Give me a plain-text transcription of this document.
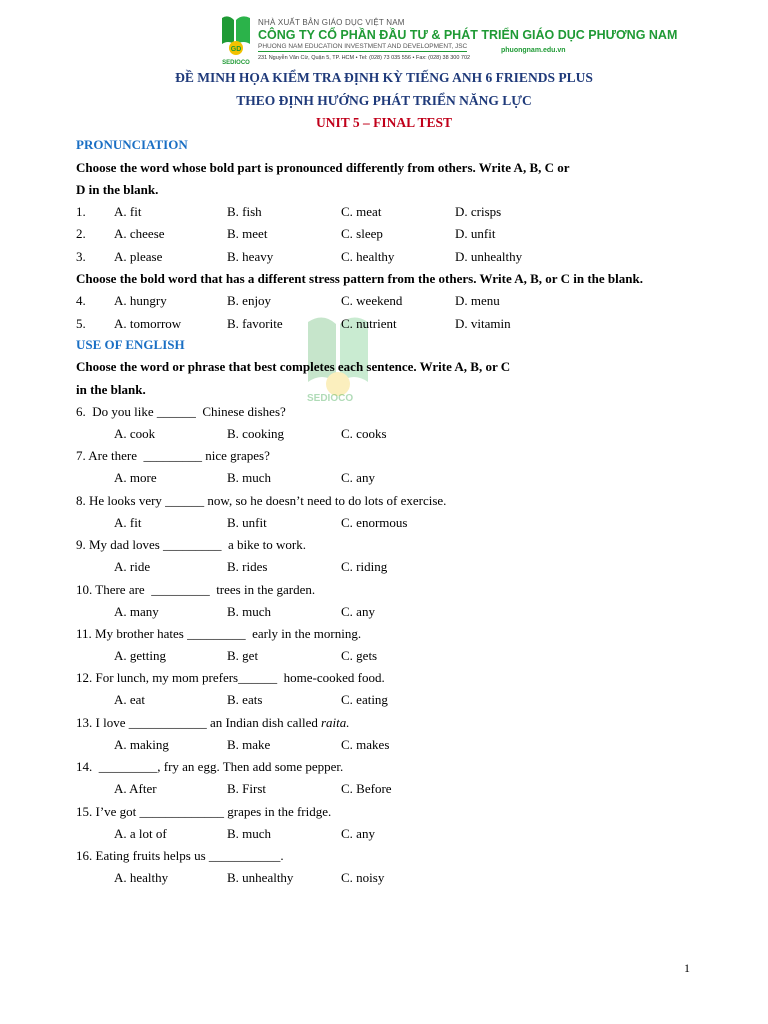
GD
SEDIOCO
NHÀ XUẤT BẢN GIÁO DỤC VIỆT NAM
CÔNG TY CỔ PHẦN ĐẦU TƯ & PHÁT TRIỂN GIÁO DỤC PHƯƠNG NAM
PHUONG NAM EDUCATION INVESTMENT AND DEVELOPMENT, JSC
231 Nguyễn Văn Cừ, Quận 5, TP. HCM • Tel: (028) 73 035 556 • Fax: (028) 38 300 702
phuongnam.edu.vn
ĐỀ MINH HỌA KIỂM TRA ĐỊNH KỲ TIẾNG ANH 6 FRIENDS PLUS
THEO ĐỊNH HƯỚNG PHÁT TRIỂN NĂNG LỰC
UNIT 5 – FINAL TEST
PRONUNCIATION
Choose the word whose bold part is pronounced differently from others. Write A, B, C or
D in the blank.
1. A. fit	B. fish	C. meat	D. crisps
2. A. cheese	B. meet	C. sleep	D. unfit
3. A. please	B. heavy	C. healthy	D. unhealthy
Choose the bold word that has a different stress pattern from the others. Write A, B, or C in the blank.
4. A. hungry	B. enjoy	C. weekend	D. menu
5. A. tomorrow	B. favorite	C. nutrient	D. vitamin
USE OF ENGLISH
Choose the word or phrase that best completes each sentence. Write A, B, or C
in the blank.
6.  Do you like ______  Chinese dishes?
A. cook	B. cooking	C. cooks
7. Are there  _________ nice grapes?
A. more	B. much	C. any
8. He looks very ______ now, so he doesn’t need to do lots of exercise.
A. fit	B. unfit	C. enormous
9. My dad loves _________  a bike to work.
A. ride	B. rides	C. riding
10. There are  _________  trees in the garden.
A. many	B. much	C. any
11. My brother hates _________  early in the morning.
A. getting	B. get	C. gets
12. For lunch, my mom prefers______  home-cooked food.
A. eat	B. eats	C. eating
13. I love ____________ an Indian dish called raita.
A. making	B. make	C. makes
14.  _________, fry an egg. Then add some pepper.
A. After	B. First	C. Before
15. I’ve got _____________ grapes in the fridge.
A. a lot of	B. much	C. any
16. Eating fruits helps us ___________.
A. healthy	B. unhealthy	C. noisy
SEDIOCO
1
